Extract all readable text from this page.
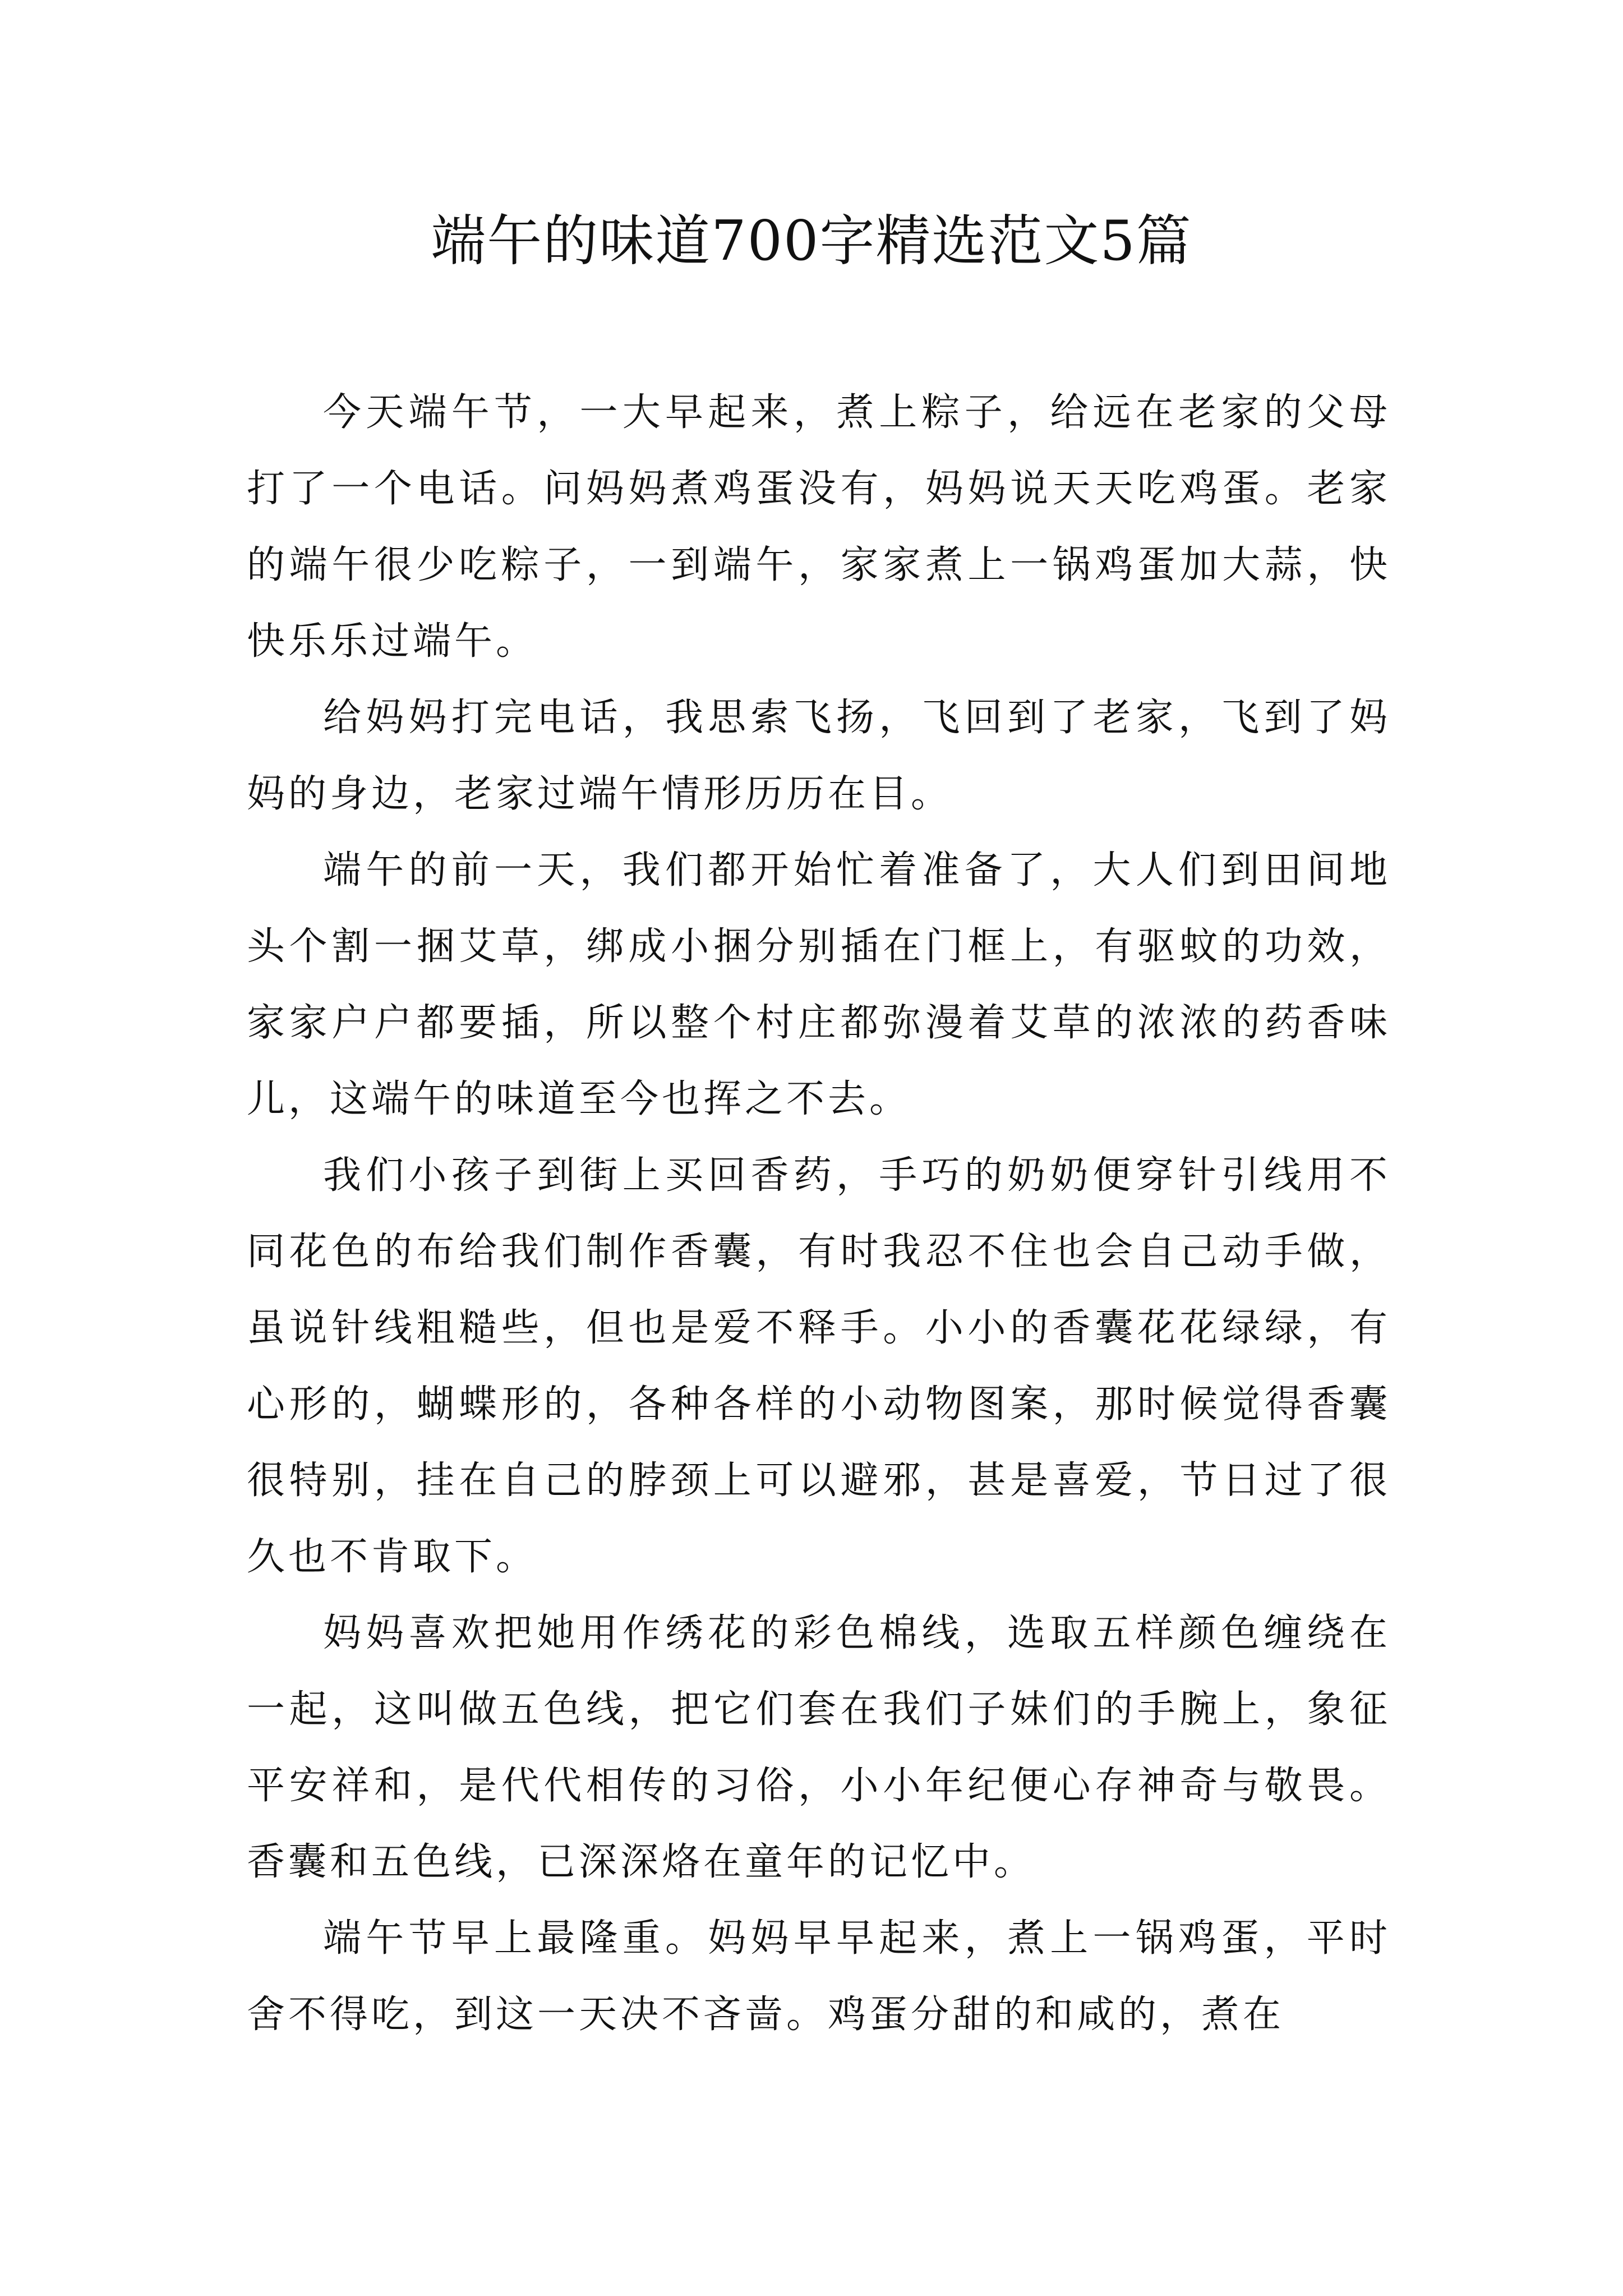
端午的味道700字精选范文5篇

今天端午节，一大早起来，煮上粽子，给远在老家的父母打了一个电话。问妈妈煮鸡蛋没有，妈妈说天天吃鸡蛋。老家的端午很少吃粽子，一到端午，家家煮上一锅鸡蛋加大蒜，快快乐乐过端午。

给妈妈打完电话，我思索飞扬，飞回到了老家，飞到了妈妈的身边，老家过端午情形历历在目。

端午的前一天，我们都开始忙着准备了，大人们到田间地头个割一捆艾草，绑成小捆分别插在门框上，有驱蚊的功效，家家户户都要插，所以整个村庄都弥漫着艾草的浓浓的药香味儿，这端午的味道至今也挥之不去。

我们小孩子到街上买回香药，手巧的奶奶便穿针引线用不同花色的布给我们制作香囊，有时我忍不住也会自己动手做，虽说针线粗糙些，但也是爱不释手。小小的香囊花花绿绿，有心形的，蝴蝶形的，各种各样的小动物图案，那时候觉得香囊很特别，挂在自己的脖颈上可以避邪，甚是喜爱，节日过了很久也不肯取下。

妈妈喜欢把她用作绣花的彩色棉线，选取五样颜色缠绕在一起，这叫做五色线，把它们套在我们子妹们的手腕上，象征平安祥和，是代代相传的习俗，小小年纪便心存神奇与敬畏。香囊和五色线，已深深烙在童年的记忆中。

端午节早上最隆重。妈妈早早起来，煮上一锅鸡蛋，平时舍不得吃，到这一天决不吝啬。鸡蛋分甜的和咸的，煮在
